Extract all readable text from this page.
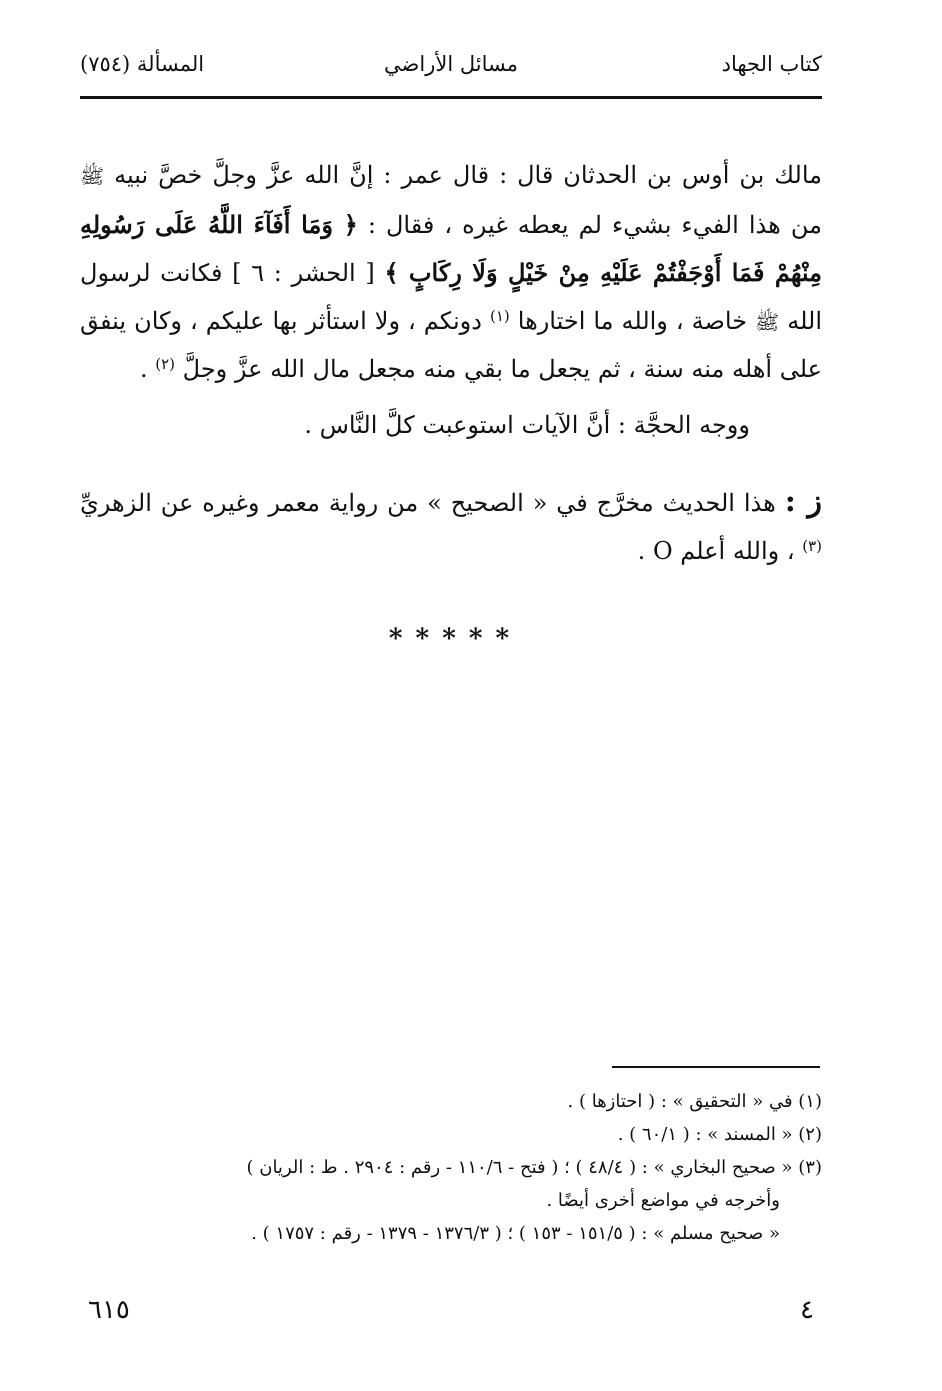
كتاب الجهاد
مسائل الأراضي
المسألة (٧٥٤)
مالك بن أوس بن الحدثان قال : قال عمر : إنَّ الله عزَّ وجلَّ خصَّ نبيه ﷺ من هذا الفيء بشيء لم يعطه غيره ، فقال : ﴿ وَمَا أَفَآءَ اللَّهُ عَلَى رَسُولِهِ مِنْهُمْ فَمَا أَوْجَفْتُمْ عَلَيْهِ مِنْ خَيْلٍ وَلَا رِكَابٍ ﴾ [ الحشر : ٦ ] فكانت لرسول الله ﷺ خاصة ، والله ما اختارها $^{(١)}$ دونكم ، ولا استأثر بها عليكم ، وكان ينفق على أهله منه سنة ، ثم يجعل ما بقي منه مجعل مال الله عزَّ وجلَّ $^{(٢)}$ .
ووجه الحجَّة : أنَّ الآيات استوعبت كلَّ النَّاس .
ز : هذا الحديث مخرَّج في « الصحيح » من رواية معمر وغيره عن الزهريِّ $^{(٣)}$ ، والله أعلم O .
* * * * *
(١) في « التحقيق » : ( احتازها ) .
(٢) « المسند » : ( ٦٠/١ ) .
(٣) « صحيح البخاري » : ( ٤٨/٤ ) ؛ ( فتح - ١١٠/٦ - رقم : ٢٩٠٤ . ط : الريان )
وأخرجه في مواضع أخرى أيضًا .
« صحيح مسلم » : ( ١٥١/٥ - ١٥٣ ) ؛ ( ١٣٧٦/٣ - ١٣٧٩ - رقم : ١٧٥٧ ) .
٦١٥	٤
